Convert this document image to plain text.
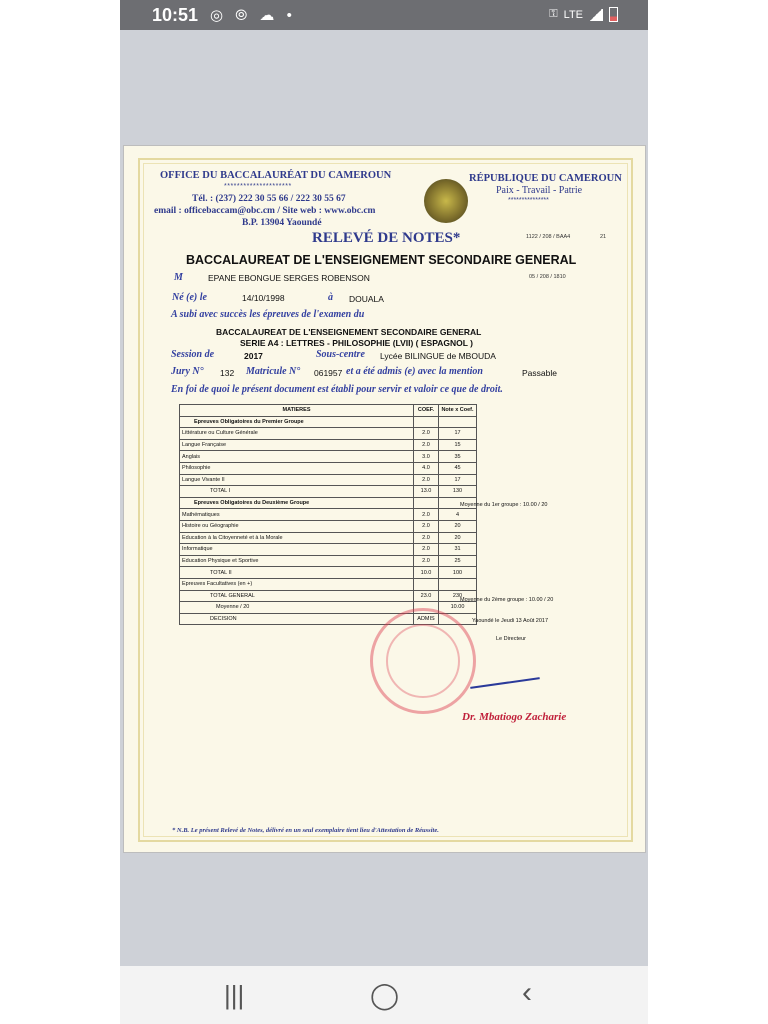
10:51 ◎ ⦾ ☁ •	⚿ LTE
|||	◯	‹
OFFICE DU BACCALAURÉAT DU CAMEROUN
*********************
Tél. : (237) 222 30 55 66 / 222 30 55 67
email : officebaccam@obc.cm / Site web : www.obc.cm
B.P. 13904 Yaoundé
RÉPUBLIQUE DU CAMEROUN
Paix - Travail - Patrie
***************
RELEVÉ DE NOTES*	1122 / 208 / BAA4	21
BACCALAUREAT DE L'ENSEIGNEMENT SECONDAIRE GENERAL
M	EPANE EBONGUE SERGES ROBENSON	05 / 208 / 1810
Né (e) le	14/10/1998	à DOUALA
A subi avec succès les épreuves de l'examen du
BACCALAUREAT DE L'ENSEIGNEMENT SECONDAIRE GENERAL
SERIE A4 : LETTRES - PHILOSOPHIE (LVII) ( ESPAGNOL )
Session de	2017	Sous-centre Lycée BILINGUE de MBOUDA
Jury N° 132 Matricule N° 061957 et a été admis (e) avec la mention	Passable
En foi de quoi le présent document est établi pour servir et valoir ce que de droit.
MATIERES	COEF.	Note x Coef.
Epreuves Obligatoires du Premier Groupe		
Littérature ou Culture Générale	2.0	17
Langue Française	2.0	15
Anglais	3.0	35
Philosophie	4.0	45
Langue Vivante II	2.0	17
TOTAL I	13.0	130
Epreuves Obligatoires du Deuxième Groupe		
Mathématiques	2.0	4
Histoire ou Géographie	2.0	20
Education à la Citoyenneté et à la Morale	2.0	20
Informatique	2.0	31
Education Physique et Sportive	2.0	25
TOTAL II	10.0	100
Epreuves Facultatives (en +)		
TOTAL GENERAL	23.0	230
Moyenne / 20		10.00
DECISION	ADMIS	
Moyenne du 1er groupe : 10.00 / 20
Moyenne du 2ème groupe : 10.00 / 20
Yaoundé le Jeudi 13 Août 2017
Le Directeur
Dr. Mbatiogo Zacharie
* N.B. Le présent Relevé de Notes, délivré en un seul exemplaire tient lieu d'Attestation de Réussite.
